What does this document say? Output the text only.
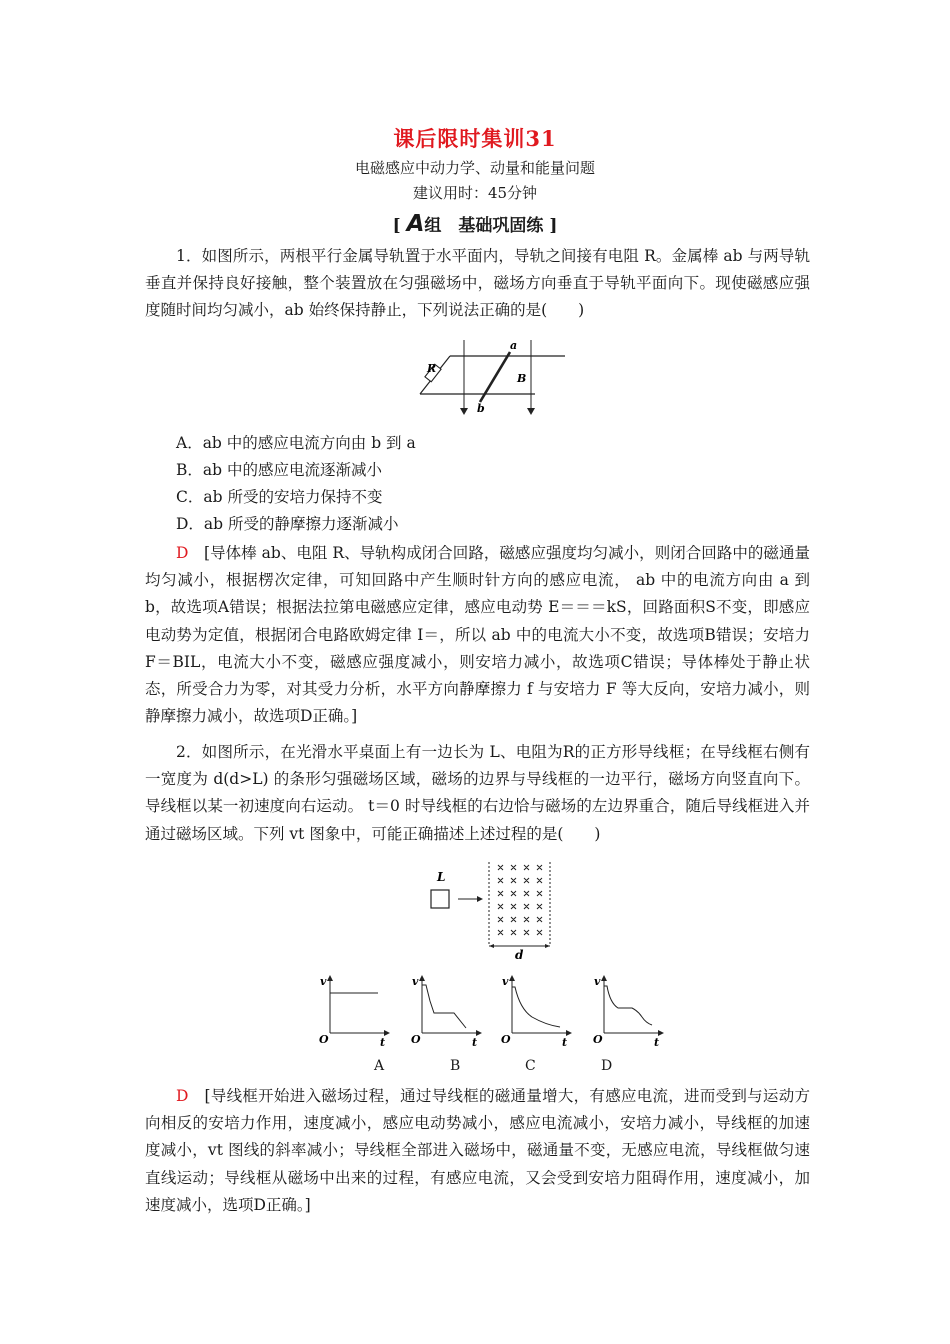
课后限时集训31
电磁感应中动力学、动量和能量问题
建议用时：45分钟
[ A组　基础巩固练 ]

1．如图所示，两根平行金属导轨置于水平面内，导轨之间接有电阻 R。金属棒 ab 与两导轨垂直并保持良好接触，整个装置放在匀强磁场中，磁场方向垂直于导轨平面向下。现使磁感应强度随时间均匀减小，ab 始终保持静止，下列说法正确的是(　　)

a
b
R
B
A．ab 中的感应电流方向由 b 到 a
B．ab 中的感应电流逐渐减小
C．ab 所受的安培力保持不变
D．ab 所受的静摩擦力逐渐减小

D　 [导体棒 ab、电阻 R、导轨构成闭合回路，磁感应强度均匀减小，则闭合回路中的磁通量均匀减小，根据楞次定律，可知回路中产生顺时针方向的感应电流， ab 中的电流方向由 a 到 b，故选项A错误；根据法拉第电磁感应定律，感应电动势 E＝＝＝kS，回路面积S不变，即感应电动势为定值，根据闭合电路欧姆定律 I＝，所以 ab 中的电流大小不变，故选项B错误；安培力 F＝BIL，电流大小不变，磁感应强度减小，则安培力减小，故选项C错误；导体棒处于静止状态，所受合力为零，对其受力分析，水平方向静摩擦力 f 与安培力 F 等大反向，安培力减小，则静摩擦力减小，故选项D正确。]

2．如图所示，在光滑水平桌面上有一边长为 L、电阻为R的正方形导线框；在导线框右侧有一宽度为 d(d>L) 的条形匀强磁场区域，磁场的边界与导线框的一边平行，磁场方向竖直向下。导线框以某一初速度向右运动。 t＝0 时导线框的右边恰与磁场的左边界重合，随后导线框进入并通过磁场区域。下列 vt 图象中，可能正确描述上述过程的是(　　)

L
d
v
t
O
v
t
O
v
t
O
v
t
O
A	B	C	D

D　 [导线框开始进入磁场过程，通过导线框的磁通量增大，有感应电流，进而受到与运动方向相反的安培力作用，速度减小，感应电动势减小，感应电流减小，安培力减小，导线框的加速度减小，vt 图线的斜率减小；导线框全部进入磁场中，磁通量不变，无感应电流，导线框做匀速直线运动；导线框从磁场中出来的过程，有感应电流，又会受到安培力阻碍作用，速度减小，加速度减小，选项D正确。]
